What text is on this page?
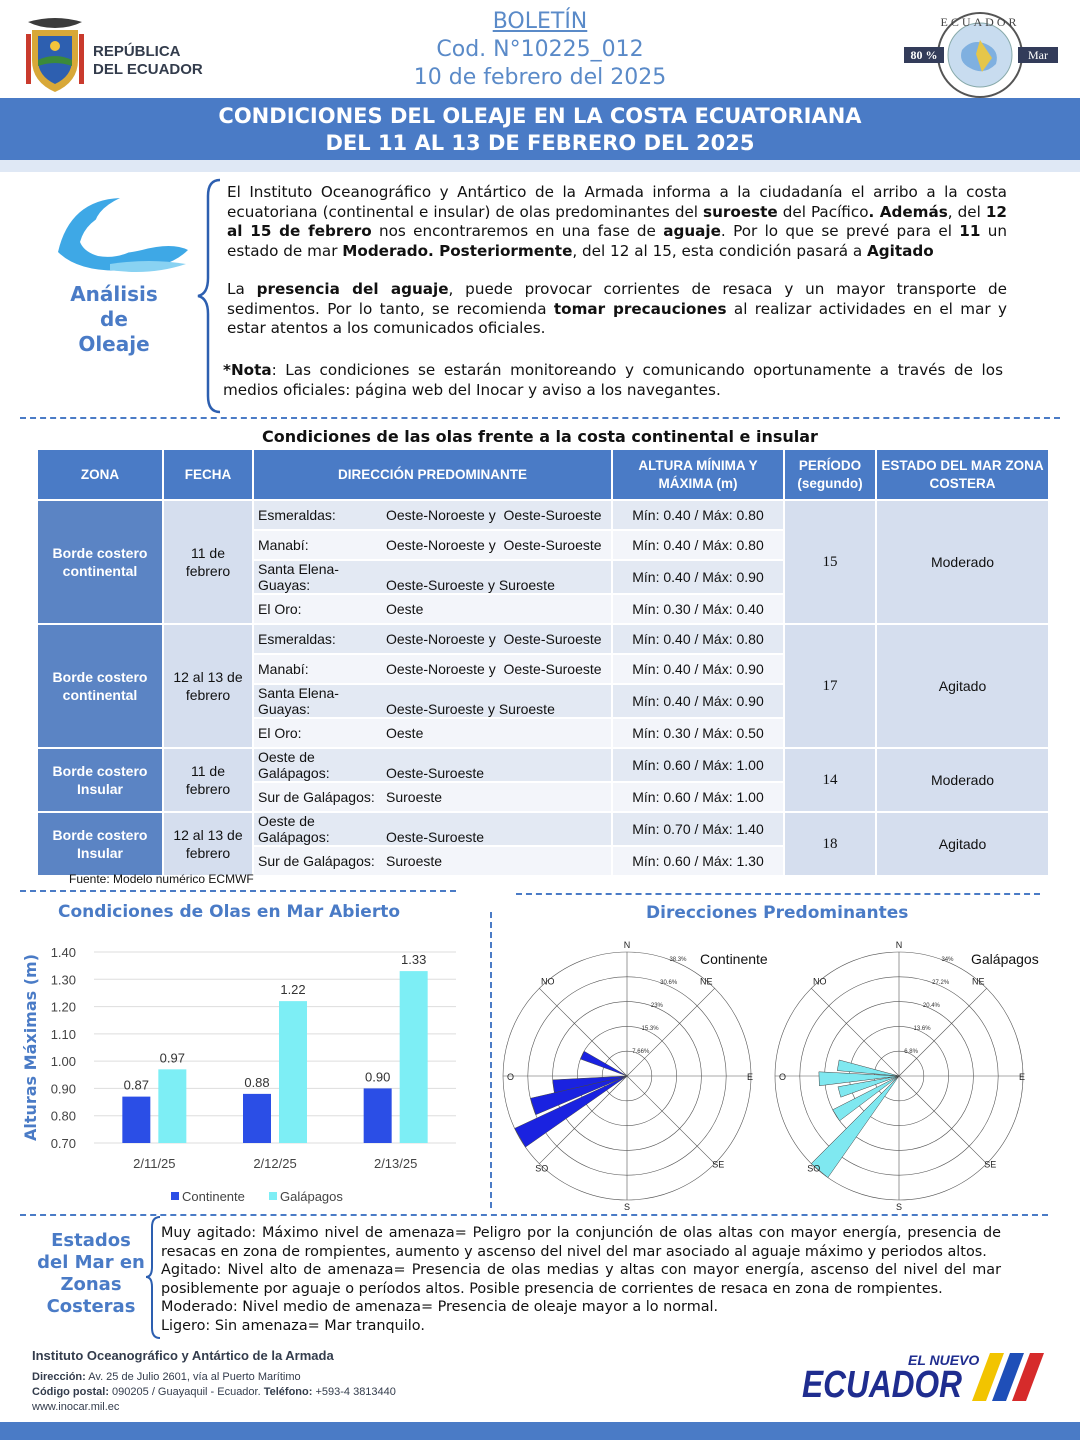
REPÚBLICA
DEL ECUADOR
BOLETÍN
Cod. N°10225_012
10 de febrero del 2025
80 %	Mar
ECUADOR
CONDICIONES DEL OLEAJE EN LA COSTA ECUATORIANA
DEL 11 AL 13 DE FEBRERO DEL 2025
Análisis
de
Oleaje
El Instituto Oceanográfico y Antártico de la Armada informa a la ciudadanía el arribo a la costa ecuatoriana (continental e insular) de olas predominantes del suroeste del Pacífico. Además, del 12 al 15 de febrero nos encontraremos en una fase de aguaje. Por lo que se prevé para el 11 un estado de mar Moderado. Posteriormente, del 12 al 15, esta condición pasará a Agitado
La presencia del aguaje, puede provocar corrientes de resaca y un mayor transporte de sedimentos. Por lo tanto, se recomienda tomar precauciones al realizar actividades en el mar y estar atentos a los comunicados oficiales.
*Nota: Las condiciones se estarán monitoreando y comunicando oportunamente a través de los medios oficiales: página web del Inocar y aviso a los navegantes.
Condiciones de las olas frente a la costa continental e insular
ZONA	FECHA	DIRECCIÓN PREDOMINANTE	ALTURA MÍNIMA Y MÁXIMA (m)	PERÍODO (segundo)	ESTADO DEL MAR ZONA COSTERA
Borde costero continental	11 de febrero	Esmeraldas: Oeste-Noroeste y  Oeste-Suroeste	Mín: 0.40 / Máx: 0.80	15	Moderado
		Manabí: Oeste-Noroeste y  Oeste-Suroeste	Mín: 0.40 / Máx: 0.80		
		Santa Elena-Guayas: Oeste-Suroeste y Suroeste	Mín: 0.40 / Máx: 0.90		
		El Oro: Oeste	Mín: 0.30 / Máx: 0.40		
Borde costero continental	12 al 13 de febrero	Esmeraldas: Oeste-Noroeste y  Oeste-Suroeste	Mín: 0.40 / Máx: 0.80	17	Agitado
		Manabí: Oeste-Noroeste y  Oeste-Suroeste	Mín: 0.40 / Máx: 0.90		
		Santa Elena-Guayas: Oeste-Suroeste y Suroeste	Mín: 0.40 / Máx: 0.90		
		El Oro: Oeste	Mín: 0.30 / Máx: 0.50		
Borde costero Insular	11 de febrero	Oeste de Galápagos: Oeste-Suroeste	Mín: 0.60 / Máx: 1.00	14	Moderado
		Sur de Galápagos: Suroeste	Mín: 0.60 / Máx: 1.00		
Borde costero Insular	12 al 13 de febrero	Oeste de Galápagos: Oeste-Suroeste	Mín: 0.70 / Máx: 1.40	18	Agitado
		Sur de Galápagos: Suroeste	Mín: 0.60 / Máx: 1.30		
Fuente: Modelo numérico ECMWF
Condiciones de Olas en Mar Abierto
0.70
0.80
0.90
1.00
1.10
1.20
1.30
1.40
Alturas Máximas (m)	0.87
0.97
2/11/25
0.88
1.22
2/12/25
0.90
1.33
2/13/25
Continente	Galápagos
Direcciones Predominantes
7.66%
15.3%
23%
30.6%
38.3%
N
NE
E
SE
S
SO
O
NO
Continente
6.8%
13.6%
20.4%
27.2%
34%
N
NE
E
SE
S
SO
O
NO
Galápagos
Estados
del Mar en
Zonas
Costeras
Muy agitado: Máximo nivel de amenaza= Peligro por la conjunción de olas altas con mayor energía, presencia de resacas en zona de rompientes, aumento y ascenso del nivel del mar asociado al aguaje máximo y periodos altos.
Agitado: Nivel alto de amenaza= Presencia de olas medias y altas con mayor energía, ascenso del nivel del mar posiblemente por aguaje o períodos altos. Posible presencia de corrientes de resaca en zona de rompientes.
Moderado: Nivel medio de amenaza= Presencia de oleaje mayor a lo normal.
Ligero: Sin amenaza= Mar tranquilo.
Instituto Oceanográfico y Antártico de la Armada
Dirección: Av. 25 de Julio 2601, vía al Puerto Marítimo
Código postal: 090205 / Guayaquil - Ecuador. Teléfono: +593-4 3813440
www.inocar.mil.ec
EL NUEVO
ECUADOR
